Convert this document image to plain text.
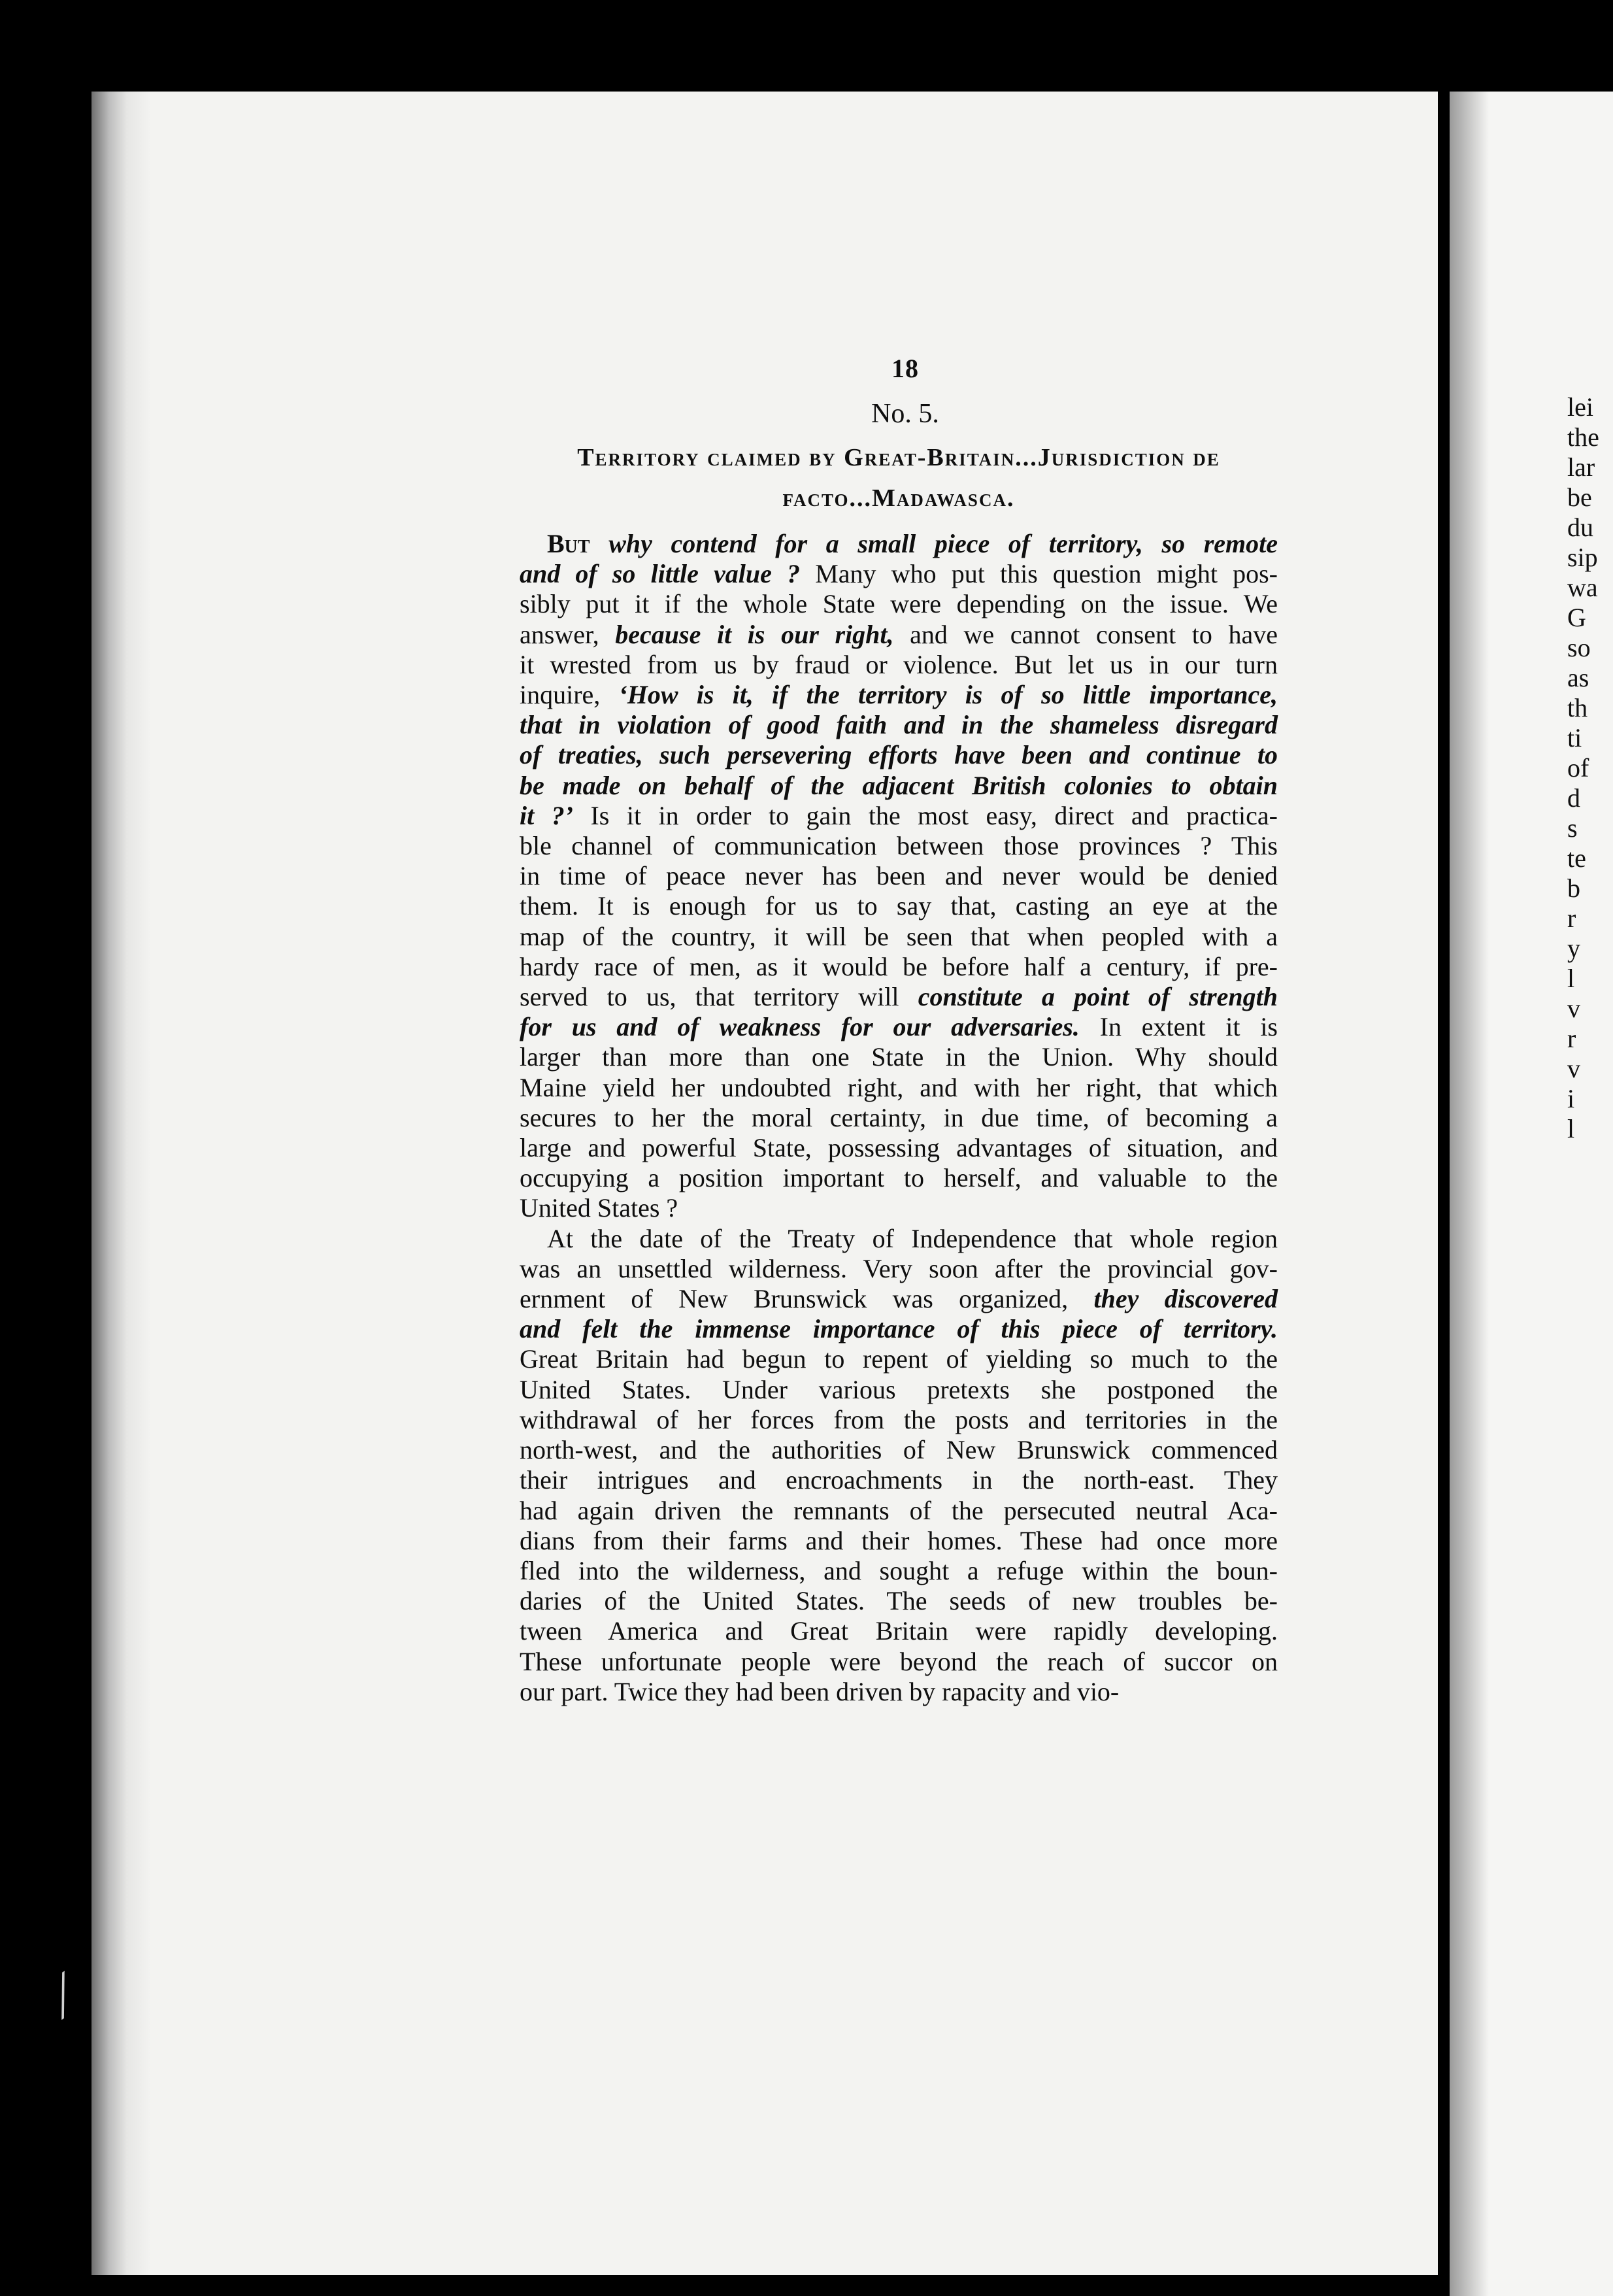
⁄
lei
the
lar
be
du
sip
wa
G
so
as
th
ti
of
d
s
te
b
r
y
l
v
r
v
i
l
18
No. 5.
Territory claimed by Great-Britain...Jurisdiction de
facto...Madawasca.

But why contend for a small piece of territory, so remote
and of so little value ? Many who put this question might pos-
sibly put it if the whole State were depending on the issue. We
answer, because it is our right, and we cannot consent to have
it wrested from us by fraud or violence. But let us in our turn
inquire, ‘How is it, if the territory is of so little importance,
that in violation of good faith and in the shameless disregard
of treaties, such persevering efforts have been and continue to
be made on behalf of the adjacent British colonies to obtain
it ?’ Is it in order to gain the most easy, direct and practica-
ble channel of communication between those provinces ? This
in time of peace never has been and never would be denied
them. It is enough for us to say that, casting an eye at the
map of the country, it will be seen that when peopled with a
hardy race of men, as it would be before half a century, if pre-
served to us, that territory will constitute a point of strength
for us and of weakness for our adversaries. In extent it is
larger than more than one State in the Union. Why should
Maine yield her undoubted right, and with her right, that which
secures to her the moral certainty, in due time, of becoming a
large and powerful State, possessing advantages of situation, and
occupying a position important to herself, and valuable to the
United States ?

At the date of the Treaty of Independence that whole region
was an unsettled wilderness. Very soon after the provincial gov-
ernment of New Brunswick was organized, they discovered
and felt the immense importance of this piece of territory.
Great Britain had begun to repent of yielding so much to the
United States. Under various pretexts she postponed the
withdrawal of her forces from the posts and territories in the
north-west, and the authorities of New Brunswick commenced
their intrigues and encroachments in the north-east. They
had again driven the remnants of the persecuted neutral Aca-
dians from their farms and their homes. These had once more
fled into the wilderness, and sought a refuge within the boun-
daries of the United States. The seeds of new troubles be-
tween America and Great Britain were rapidly developing.
These unfortunate people were beyond the reach of succor on
our part. Twice they had been driven by rapacity and vio-
